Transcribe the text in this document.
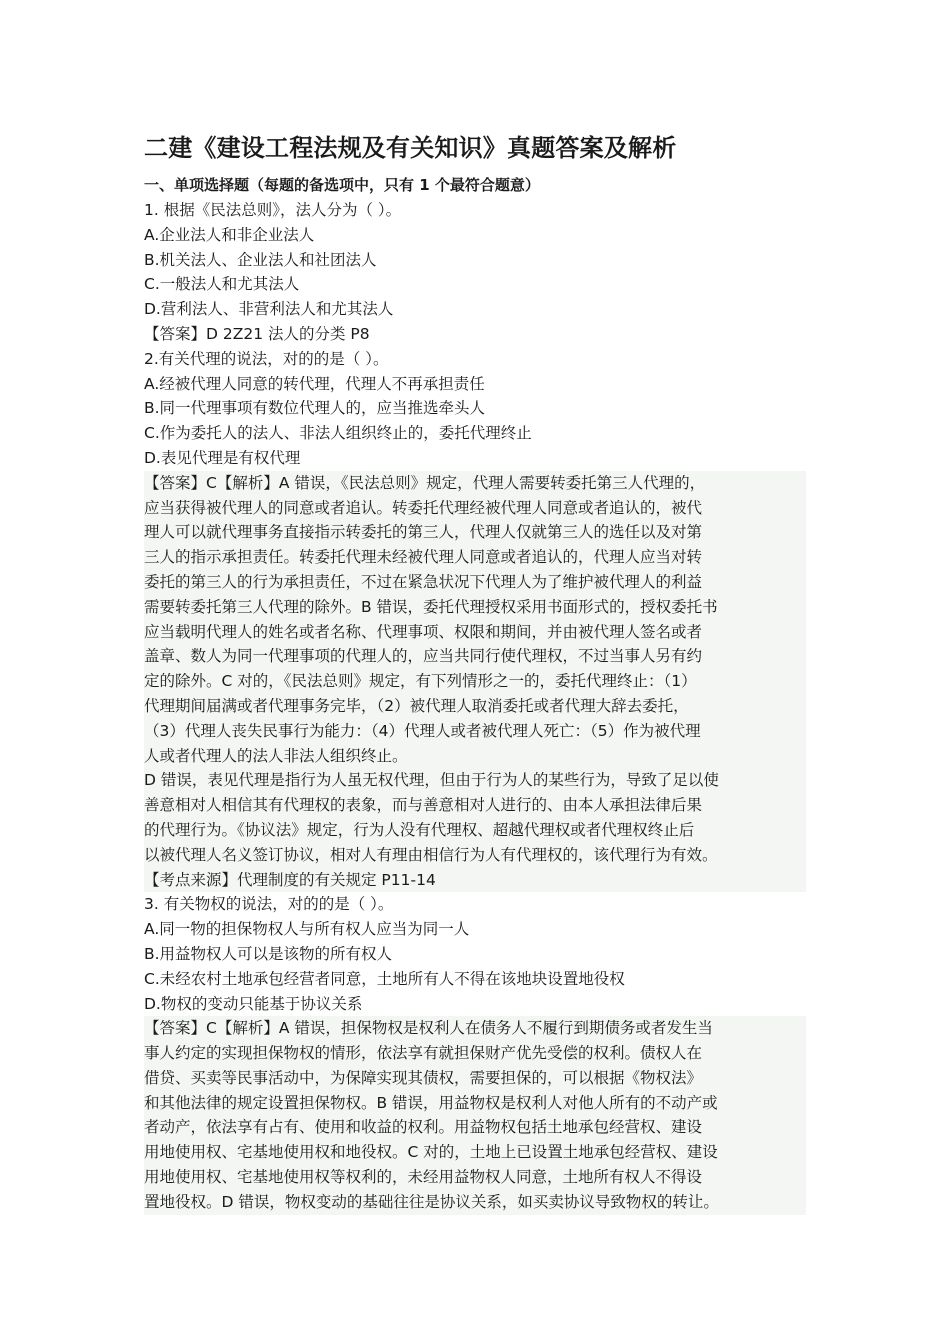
二建《建设工程法规及有关知识》真题答案及解析
一、单项选择题（每题的备选项中，只有 1 个最符合题意）
1. 根据《民法总则》，法人分为（ ）。
A.企业法人和非企业法人
B.机关法人、企业法人和社团法人
C.一般法人和尤其法人
D.营利法人、非营利法人和尤其法人
【答案】D 2Z21 法人的分类 P8
2.有关代理的说法，对的的是（ ）。
A.经被代理人同意的转代理，代理人不再承担责任
B.同一代理事项有数位代理人的，应当推选牵头人
C.作为委托人的法人、非法人组织终止的，委托代理终止
D.表见代理是有权代理
【答案】C【解析】A 错误，《民法总则》规定，代理人需要转委托第三人代理的，
应当获得被代理人的同意或者追认。转委托代理经被代理人同意或者追认的，被代
理人可以就代理事务直接指示转委托的第三人，代理人仅就第三人的选任以及对第
三人的指示承担责任。转委托代理未经被代理人同意或者追认的，代理人应当对转
委托的第三人的行为承担责任，不过在紧急状况下代理人为了维护被代理人的利益
需要转委托第三人代理的除外。B 错误，委托代理授权采用书面形式的，授权委托书
应当载明代理人的姓名或者名称、代理事项、权限和期间，并由被代理人签名或者
盖章、数人为同一代理事项的代理人的，应当共同行使代理权，不过当事人另有约
定的除外。C 对的，《民法总则》规定，有下列情形之一的，委托代理终止：（1）
代理期间届满或者代理事务完毕，（2）被代理人取消委托或者代理大辞去委托，
（3）代理人丧失民事行为能力：（4）代理人或者被代理人死亡：（5）作为被代理
人或者代理人的法人非法人组织终止。
D 错误，表见代理是指行为人虽无权代理，但由于行为人的某些行为，导致了足以使
善意相对人相信其有代理权的表象，而与善意相对人进行的、由本人承担法律后果
的代理行为。《协议法》规定，行为人没有代理权、超越代理权或者代理权终止后
以被代理人名义签订协议，相对人有理由相信行为人有代理权的，该代理行为有效。
【考点来源】代理制度的有关规定 P11-14
3. 有关物权的说法，对的的是（ ）。
A.同一物的担保物权人与所有权人应当为同一人
B.用益物权人可以是该物的所有权人
C.未经农村土地承包经营者同意，土地所有人不得在该地块设置地役权
D.物权的变动只能基于协议关系
【答案】C【解析】A 错误，担保物权是权利人在债务人不履行到期债务或者发生当
事人约定的实现担保物权的情形，依法享有就担保财产优先受偿的权利。债权人在
借贷、买卖等民事活动中，为保障实现其债权，需要担保的，可以根据《物权法》
和其他法律的规定设置担保物权。B 错误，用益物权是权利人对他人所有的不动产或
者动产，依法享有占有、使用和收益的权利。用益物权包括土地承包经营权、建设
用地使用权、宅基地使用权和地役权。C 对的，土地上已设置土地承包经营权、建设
用地使用权、宅基地使用权等权利的，未经用益物权人同意，土地所有权人不得设
置地役权。D 错误，物权变动的基础往往是协议关系，如买卖协议导致物权的转让。
